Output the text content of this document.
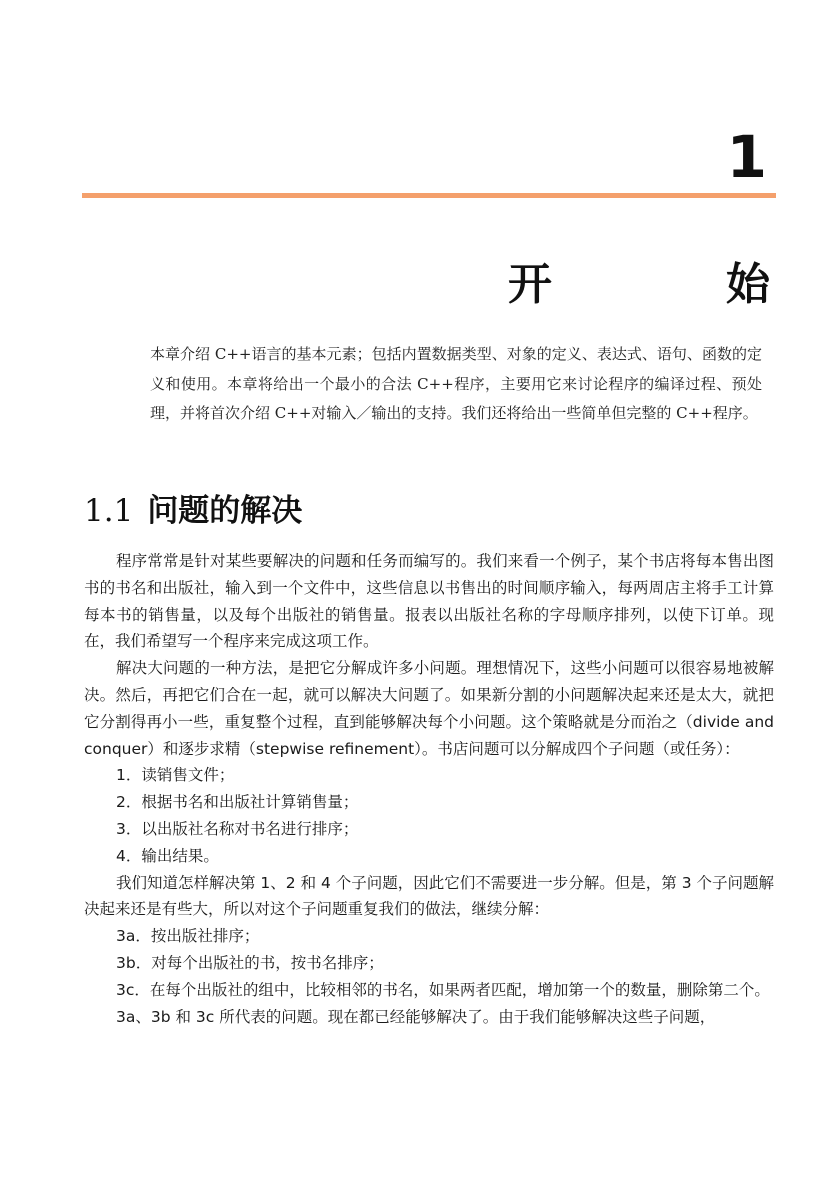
1
开	始
本章介绍 C++语言的基本元素；包括内置数据类型、对象的定义、表达式、语句、函数的定义和使用。本章将给出一个最小的合法 C++程序，主要用它来讨论程序的编译过程、预处理，并将首次介绍 C++对输入／输出的支持。我们还将给出一些简单但完整的 C++程序。
1.1 问题的解决

程序常常是针对某些要解决的问题和任务而编写的。我们来看一个例子，某个书店将每本售出图书的书名和出版社，输入到一个文件中，这些信息以书售出的时间顺序输入，每两周店主将手工计算每本书的销售量，以及每个出版社的销售量。报表以出版社名称的字母顺序排列，以使下订单。现在，我们希望写一个程序来完成这项工作。

解决大问题的一种方法，是把它分解成许多小问题。理想情况下，这些小问题可以很容易地被解决。然后，再把它们合在一起，就可以解决大问题了。如果新分割的小问题解决起来还是太大，就把它分割得再小一些，重复整个过程，直到能够解决每个小问题。这个策略就是分而治之（divide and conquer）和逐步求精（stepwise refinement）。书店问题可以分解成四个子问题（或任务）：

1．读销售文件；

2．根据书名和出版社计算销售量；

3．以出版社名称对书名进行排序；

4．输出结果。

我们知道怎样解决第 1、2 和 4 个子问题，因此它们不需要进一步分解。但是，第 3 个子问题解决起来还是有些大，所以对这个子问题重复我们的做法，继续分解：

3a．按出版社排序；

3b．对每个出版社的书，按书名排序；

3c．在每个出版社的组中，比较相邻的书名，如果两者匹配，增加第一个的数量，删除第二个。

3a、3b 和 3c 所代表的问题。现在都已经能够解决了。由于我们能够解决这些子问题，
